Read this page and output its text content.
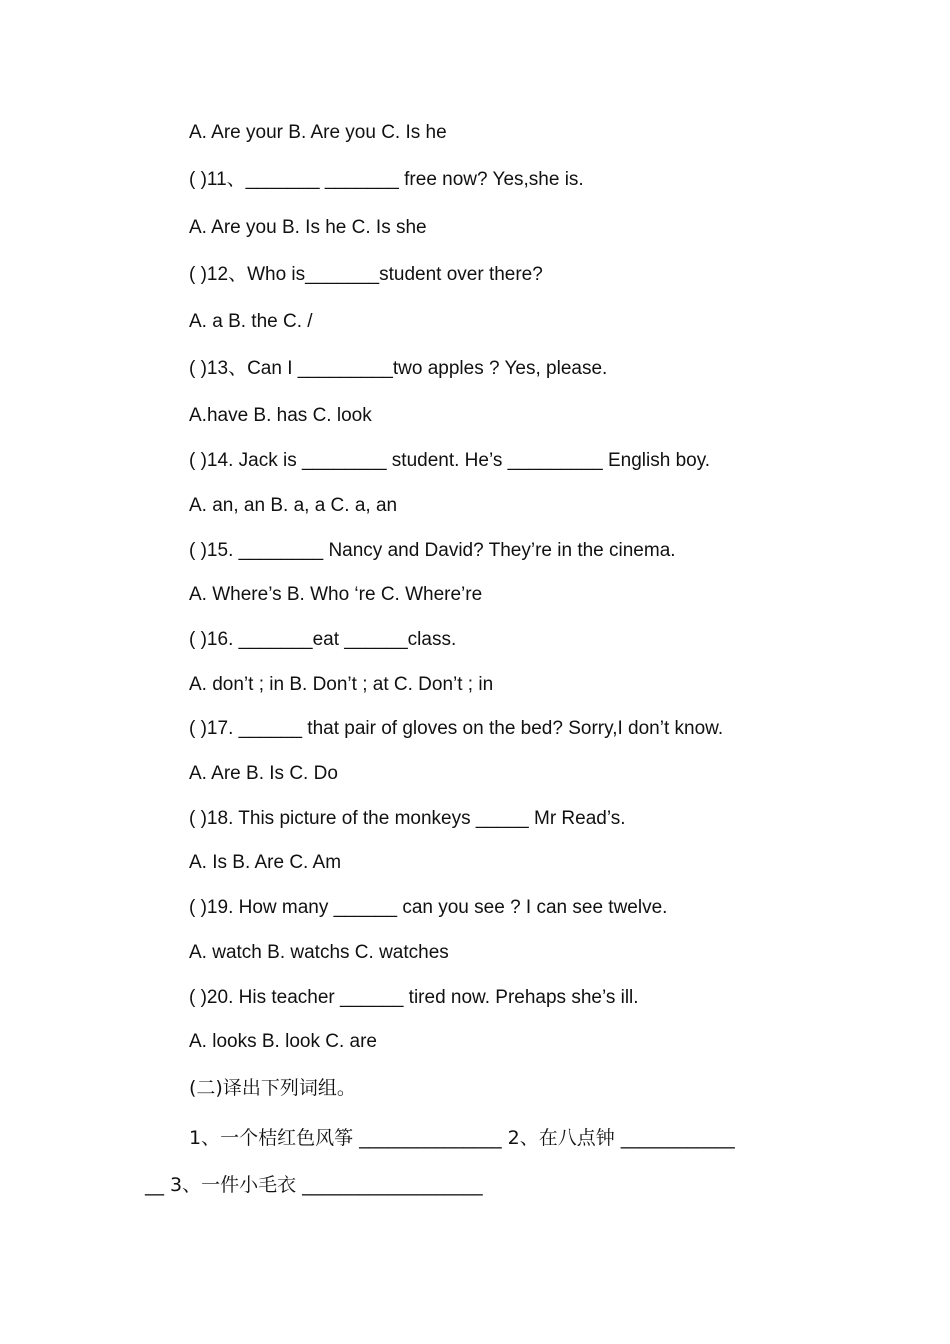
A. Are your B. Are you C. Is he
( )11、_______ _______ free now? Yes,she is.
A. Are you B. Is he C. Is she
( )12、Who is_______student over there?
A. a B. the C. /
( )13、Can I _________two apples ? Yes, please.
A.have B. has C. look
( )14. Jack is ________ student. He’s _________ English boy.
A. an, an B. a, a C. a, an
( )15. ________ Nancy and David? They’re in the cinema.
A. Where’s B. Who ‘re C. Where’re
( )16. _______eat ______class.
A. don’t ; in B. Don’t ; at C. Don’t ; in
( )17. ______ that pair of gloves on the bed? Sorry,I don’t know.
A. Are B. Is C. Do
( )18. This picture of the monkeys _____ Mr Read’s.
A. Is B. Are C. Am
( )19. How many ______ can you see ? I can see twelve.
A. watch B. watchs C. watches
( )20. His teacher ______ tired now. Prehaps she’s ill.
A. looks B. look C. are
(二)译出下列词组。
1、一个桔红色风筝 _______________ 2、在八点钟 ____________
__ 3、一件小毛衣 ___________________
